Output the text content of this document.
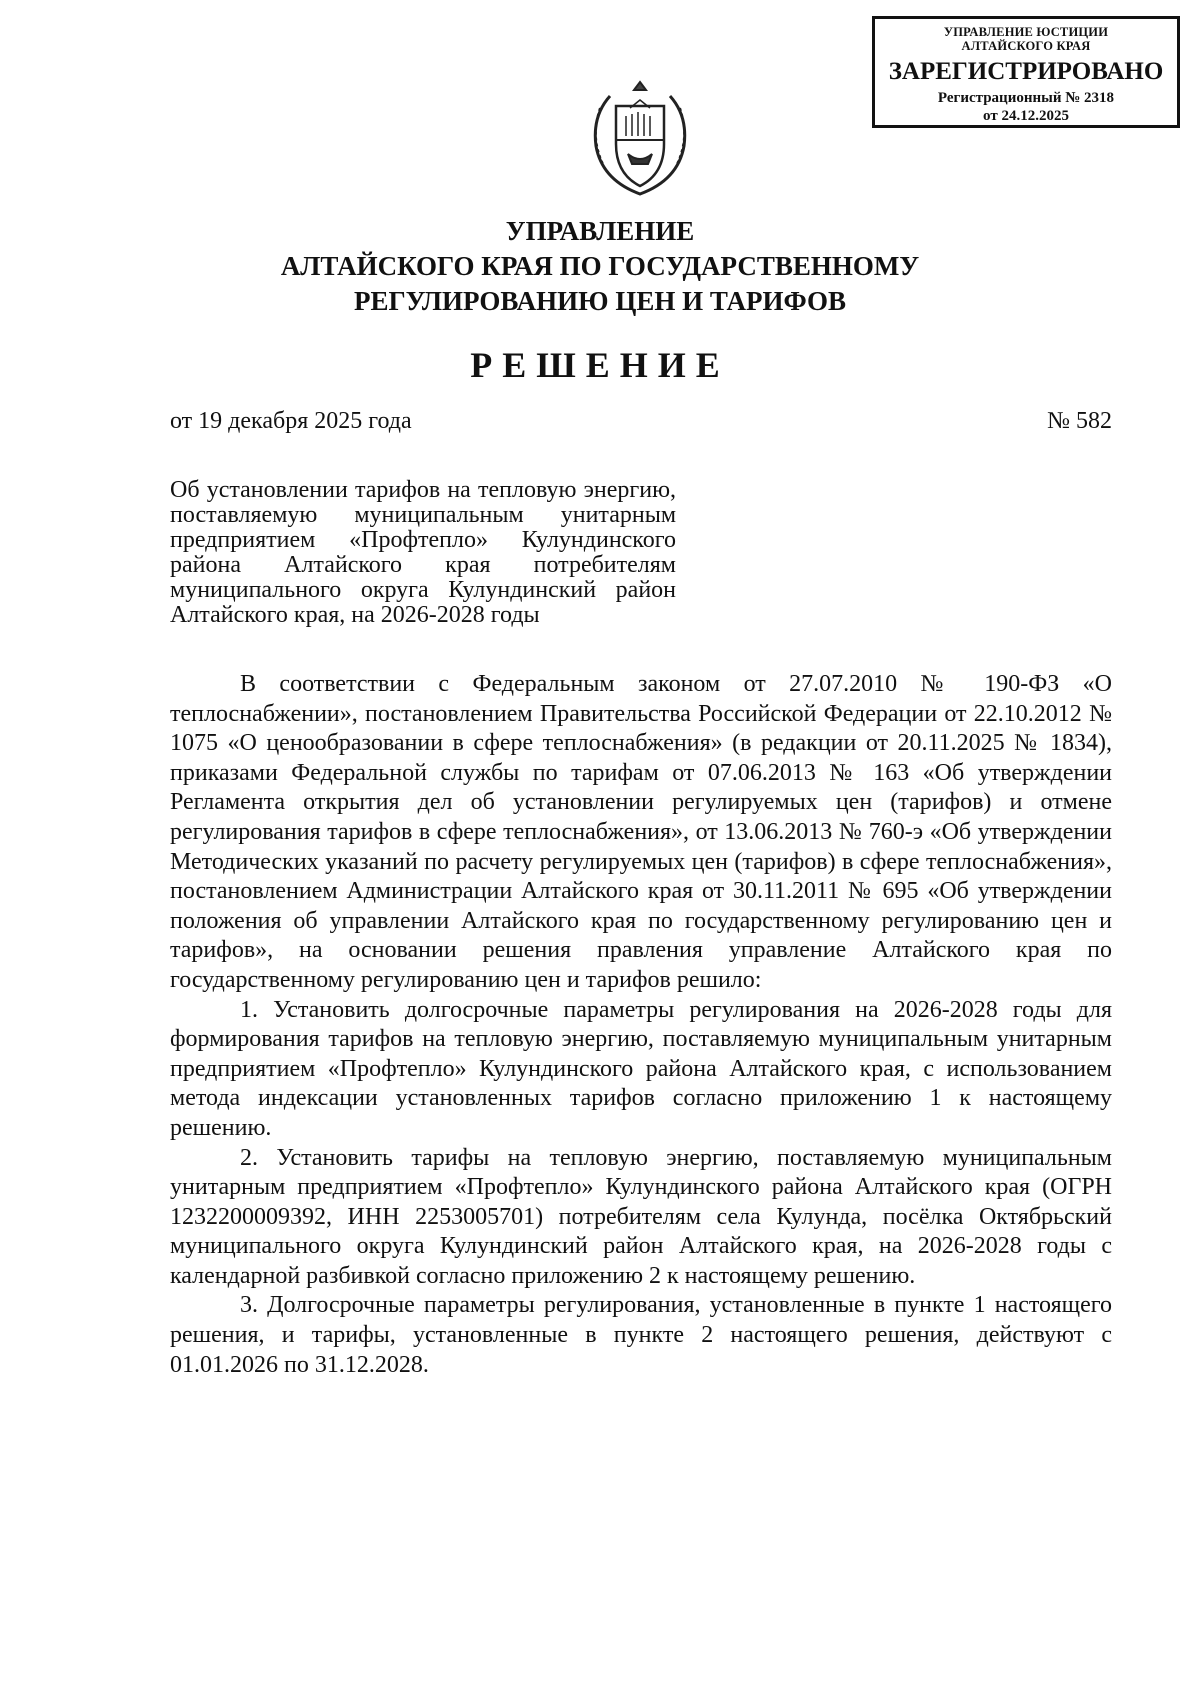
УПРАВЛЕНИЕ ЮСТИЦИИ
АЛТАЙСКОГО КРАЯ
ЗАРЕГИСТРИРОВАНО
Регистрационный № 2318
от 24.12.2025
УПРАВЛЕНИЕ
АЛТАЙСКОГО КРАЯ ПО ГОСУДАРСТВЕННОМУ
РЕГУЛИРОВАНИЮ ЦЕН И ТАРИФОВ
РЕШЕНИЕ
от 19 декабря 2025 года	№ 582
Об установлении тарифов на тепловую энергию, поставляемую муниципальным унитарным предприятием «Профтепло» Кулундинского района Алтайского края потребителям муниципального округа Кулундинский район Алтайского края, на 2026-2028 годы

В соответствии с Федеральным законом от 27.07.2010 № 190-ФЗ «О теплоснабжении», постановлением Правительства Российской Федерации от 22.10.2012 № 1075 «О ценообразовании в сфере теплоснабжения» (в редакции от 20.11.2025 № 1834), приказами Федеральной службы по тарифам от 07.06.2013 № 163 «Об утверждении Регламента открытия дел об установлении регулируемых цен (тарифов) и отмене регулирования тарифов в сфере теплоснабжения», от 13.06.2013 № 760-э «Об утверждении Методических указаний по расчету регулируемых цен (тарифов) в сфере теплоснабжения», постановлением Администрации Алтайского края от 30.11.2011 № 695 «Об утверждении положения об управлении Алтайского края по государственному регулированию цен и тарифов», на основании решения правления управление Алтайского края по государственному регулированию цен и тарифов решило:

1. Установить долгосрочные параметры регулирования на 2026-2028 годы для формирования тарифов на тепловую энергию, поставляемую муниципальным унитарным предприятием «Профтепло» Кулундинского района Алтайского края, с использованием метода индексации установленных тарифов согласно приложению 1 к настоящему решению.

2. Установить тарифы на тепловую энергию, поставляемую муниципальным унитарным предприятием «Профтепло» Кулундинского района Алтайского края (ОГРН 1232200009392, ИНН 2253005701) потребителям села Кулунда, посёлка Октябрьский муниципального округа Кулундинский район Алтайского края, на 2026-2028 годы с календарной разбивкой согласно приложению 2 к настоящему решению.

3. Долгосрочные параметры регулирования, установленные в пункте 1 настоящего решения, и тарифы, установленные в пункте 2 настоящего решения, действуют с 01.01.2026 по 31.12.2028.
